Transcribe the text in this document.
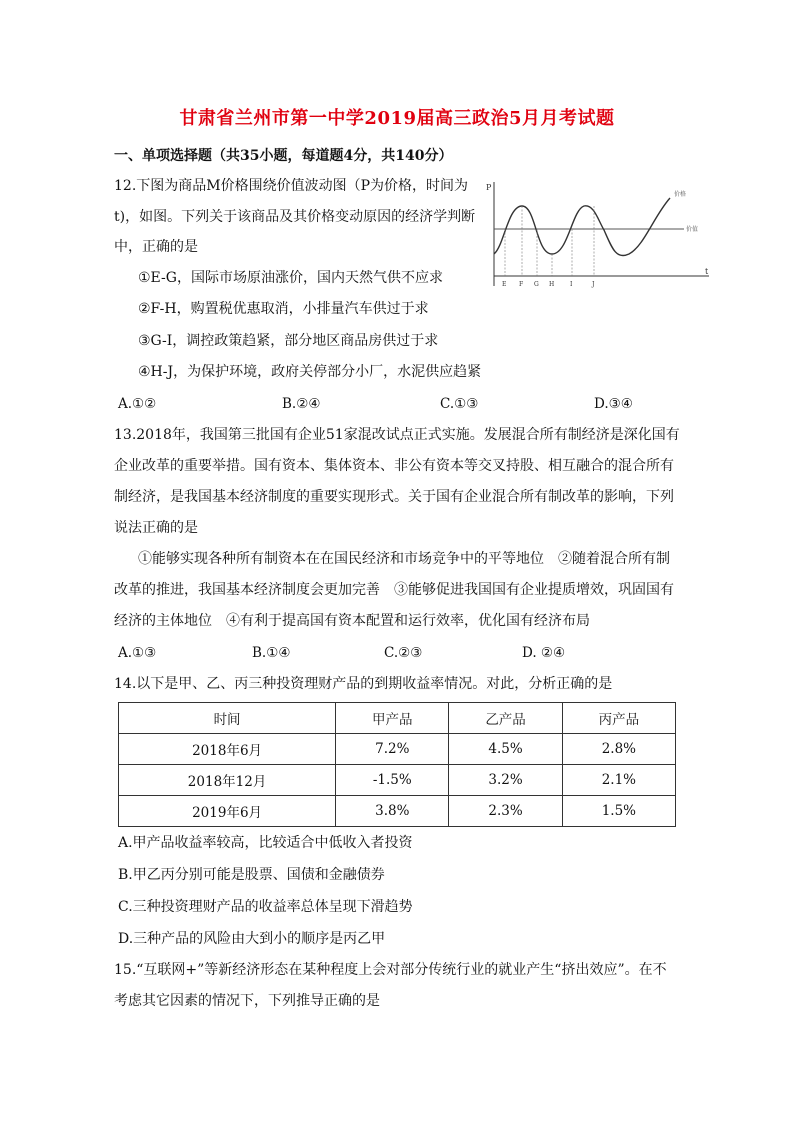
甘肃省兰州市第一中学2019届高三政治5月月考试题
一、单项选择题（共35小题，每道题4分，共140分）
12.下图为商品M价格围绕价值波动图（P为价格，时间为
t)，如图。下列关于该商品及其价格变动原因的经济学判断
中，正确的是
①E-G，国际市场原油涨价，国内天然气供不应求
②F-H，购置税优惠取消，小排量汽车供过于求
③G-I，调控政策趋紧，部分地区商品房供过于求
④H-J，为保护环境，政府关停部分小厂，水泥供应趋紧
A.①②	B.②④	C.①③	D.③④
P
t
价值
价格
E F G H	I	J
13.2018年，我国第三批国有企业51家混改试点正式实施。发展混合所有制经济是深化国有
企业改革的重要举措。国有资本、集体资本、非公有资本等交叉持股、相互融合的混合所有
制经济，是我国基本经济制度的重要实现形式。关于国有企业混合所有制改革的影响，下列
说法正确的是
①能够实现各种所有制资本在在国民经济和市场竞争中的平等地位　②随着混合所有制
改革的推进，我国基本经济制度会更加完善　③能够促进我国国有企业提质增效，巩固国有
经济的主体地位　④有利于提高国有资本配置和运行效率，优化国有经济布局
A.①③	B.①④	C.②③	D. ②④
14.以下是甲、乙、丙三种投资理财产品的到期收益率情况。对此，分析正确的是
时间	甲产品	乙产品	丙产品
2018年6月	7.2%	4.5%	2.8%
2018年12月	-1.5%	3.2%	2.1%
2019年6月	3.8%	2.3%	1.5%
A.甲产品收益率较高，比较适合中低收入者投资
B.甲乙丙分别可能是股票、国债和金融债券
C.三种投资理财产品的收益率总体呈现下滑趋势
D.三种产品的风险由大到小的顺序是丙乙甲
15.“互联网+”等新经济形态在某种程度上会对部分传统行业的就业产生“挤出效应”。在不
考虑其它因素的情况下，下列推导正确的是
